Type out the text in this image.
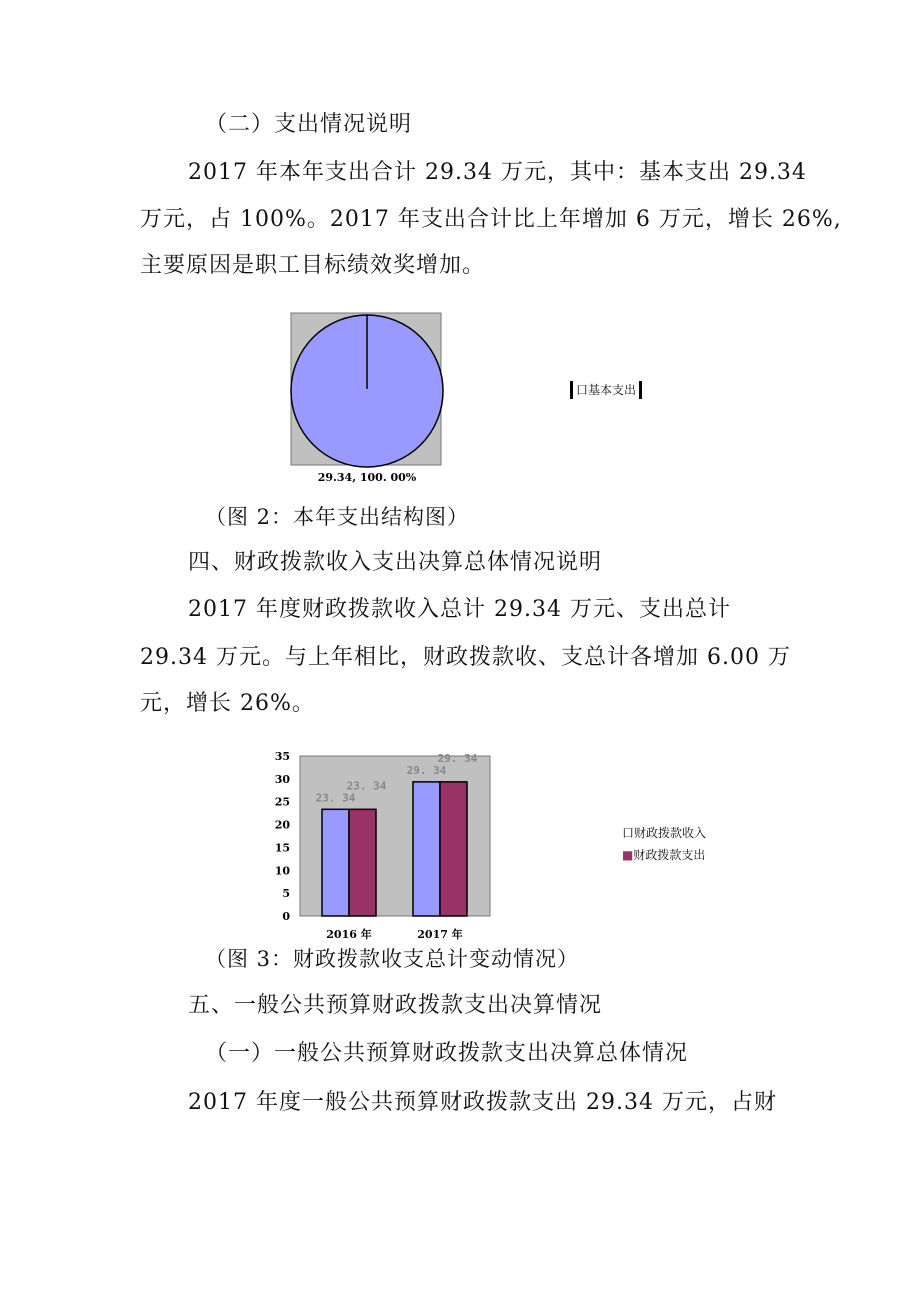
（二）支出情况说明

2017 年本年支出合计 29.34 万元，其中：基本支出 29.34

万元，占 100%。2017 年支出合计比上年增加 6 万元，增长 26%,

主要原因是职工目标绩效奖增加。

29.34, 100. 00%
口基本支出

（图 2：本年支出结构图）

四、财政拨款收入支出决算总体情况说明

2017 年度财政拨款收入总计 29.34 万元、支出总计

29.34 万元。与上年相比，财政拨款收、支总计各增加 6.00 万

元，增长 26%。

0
5
10
15
20
25
30
35
23. 34
23. 34
29. 34
29. 34
2016 年	2017 年
口财政拨款收入
■财政拨款支出

（图 3：财政拨款收支总计变动情况）

五、一般公共预算财政拨款支出决算情况

（一）一般公共预算财政拨款支出决算总体情况

2017 年度一般公共预算财政拨款支出 29.34 万元，占财
